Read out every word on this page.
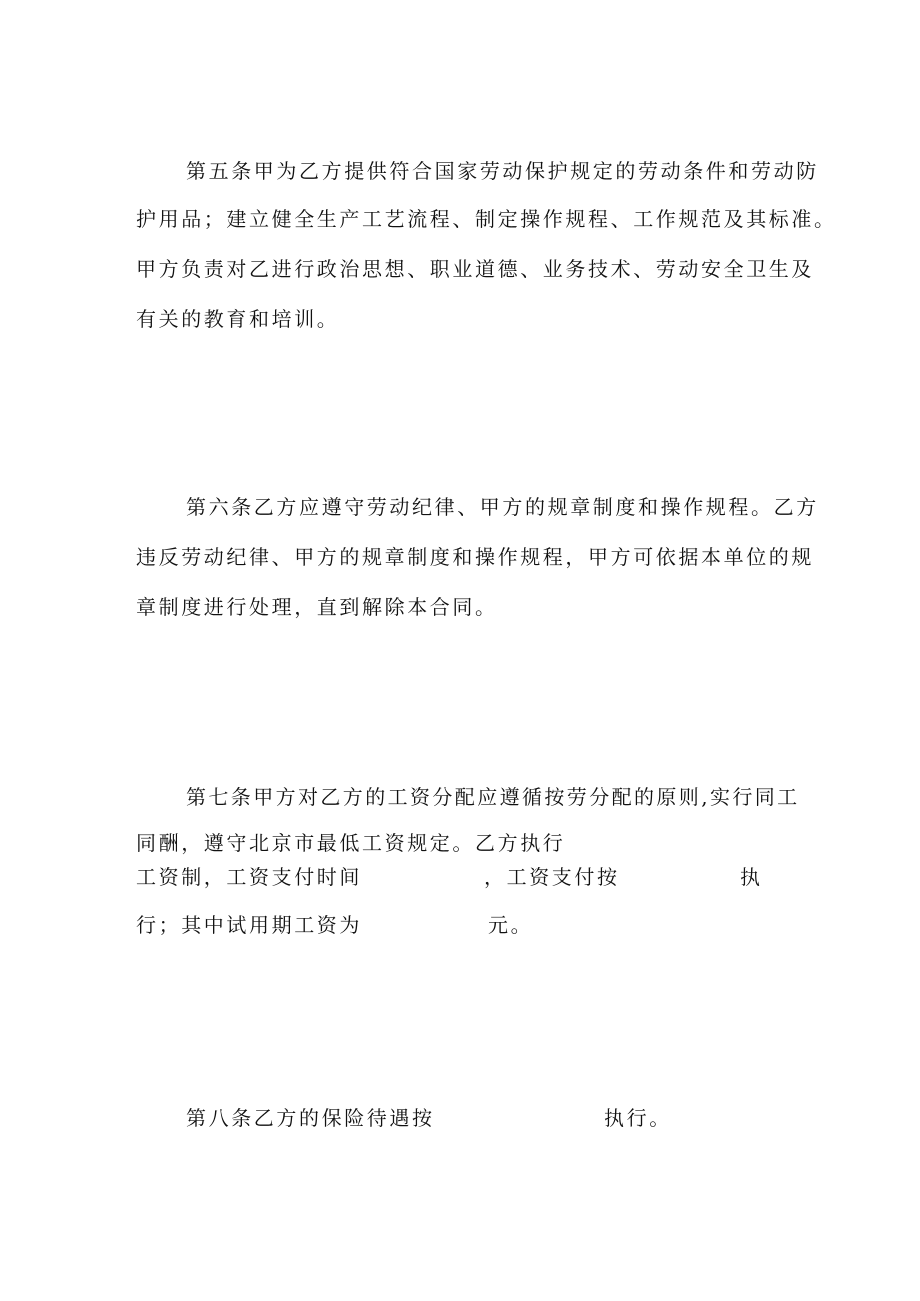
第五条甲为乙方提供符合国家劳动保护规定的劳动条件和劳动防
护用品；建立健全生产工艺流程、制定操作规程、工作规范及其标准。
甲方负责对乙进行政治思想、职业道德、业务技术、劳动安全卫生及
有关的教育和培训。
第六条乙方应遵守劳动纪律、甲方的规章制度和操作规程。乙方
违反劳动纪律、甲方的规章制度和操作规程，甲方可依据本单位的规
章制度进行处理，直到解除本合同。
第七条甲方对乙方的工资分配应遵循按劳分配的原则,实行同工
同酬，遵守北京市最低工资规定。乙方执行
工资制，工资支付时间	，工资支付按	执
行；其中试用期工资为	元。
第八条乙方的保险待遇按	执行。
